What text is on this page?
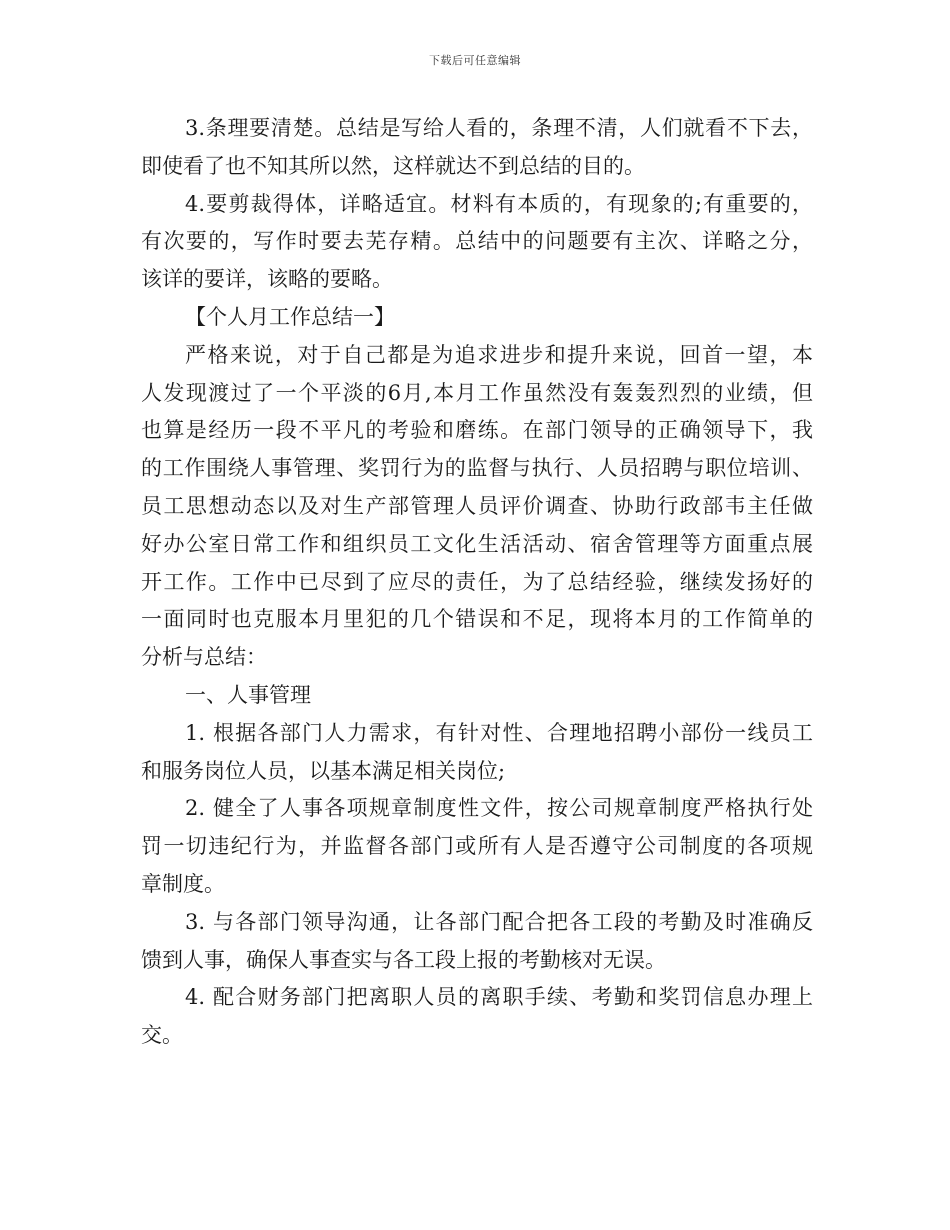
下载后可任意编辑
3.条理要清楚。总结是写给人看的，条理不清，人们就看不下去，
即使看了也不知其所以然，这样就达不到总结的目的。
4.要剪裁得体，详略适宜。材料有本质的，有现象的;有重要的，
有次要的，写作时要去芜存精。总结中的问题要有主次、详略之分，
该详的要详，该略的要略。
【个人月工作总结一】
严格来说，对于自己都是为追求进步和提升来说，回首一望，本
人发现渡过了一个平淡的6月,本月工作虽然没有轰轰烈烈的业绩，但
也算是经历一段不平凡的考验和磨练。在部门领导的正确领导下，我
的工作围绕人事管理、奖罚行为的监督与执行、人员招聘与职位培训、
员工思想动态以及对生产部管理人员评价调查、协助行政部韦主任做
好办公室日常工作和组织员工文化生活活动、宿舍管理等方面重点展
开工作。工作中已尽到了应尽的责任，为了总结经验，继续发扬好的
一面同时也克服本月里犯的几个错误和不足，现将本月的工作简单的
分析与总结：
一、人事管理
1. 根据各部门人力需求，有针对性、合理地招聘小部份一线员工
和服务岗位人员，以基本满足相关岗位;
2. 健全了人事各项规章制度性文件，按公司规章制度严格执行处
罚一切违纪行为，并监督各部门或所有人是否遵守公司制度的各项规
章制度。
3. 与各部门领导沟通，让各部门配合把各工段的考勤及时准确反
馈到人事，确保人事查实与各工段上报的考勤核对无误。
4. 配合财务部门把离职人员的离职手续、考勤和奖罚信息办理上
交。
